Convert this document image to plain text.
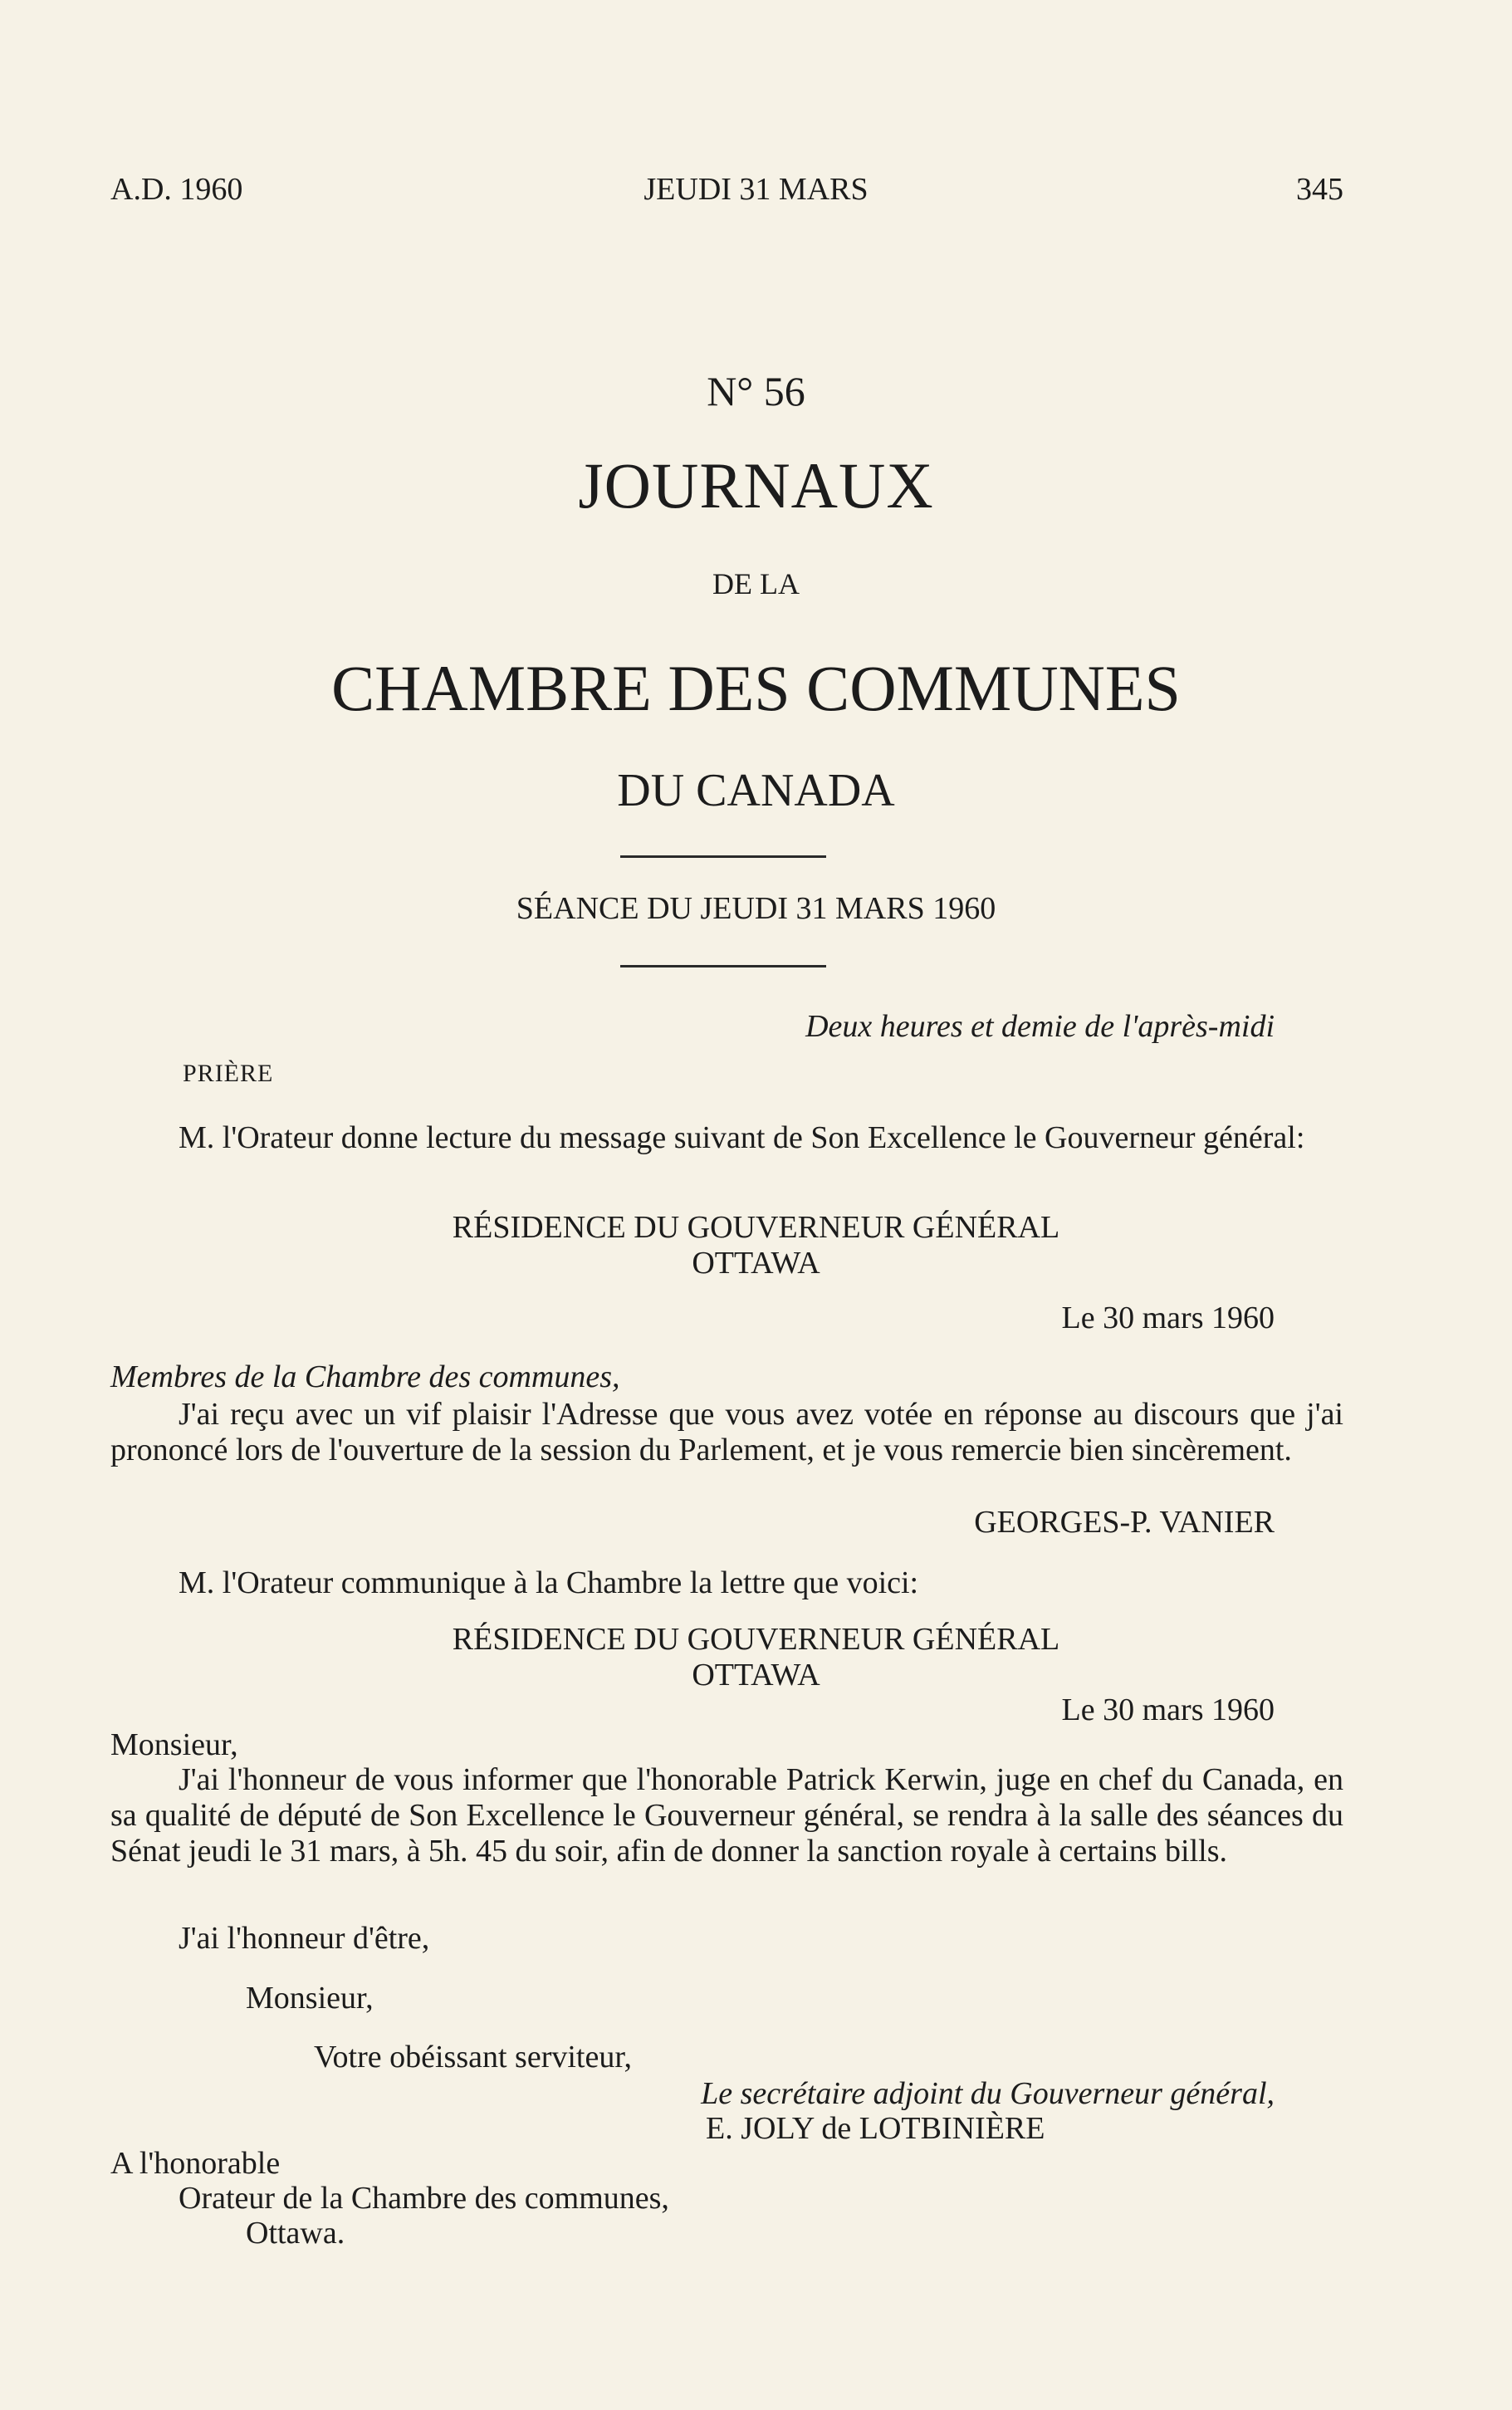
A.D. 1960	JEUDI 31 MARS	345
N° 56
JOURNAUX
DE LA
CHAMBRE DES COMMUNES
DU CANADA
SÉANCE DU JEUDI 31 MARS 1960
Deux heures et demie de l'après-midi
PRIÈRE
M. l'Orateur donne lecture du message suivant de Son Excellence le Gouverneur général:
RÉSIDENCE DU GOUVERNEUR GÉNÉRAL
OTTAWA
Le 30 mars 1960
Membres de la Chambre des communes,
J'ai reçu avec un vif plaisir l'Adresse que vous avez votée en réponse au discours que j'ai prononcé lors de l'ouverture de la session du Parlement, et je vous remercie bien sincèrement.
GEORGES-P. VANIER
M. l'Orateur communique à la Chambre la lettre que voici:
RÉSIDENCE DU GOUVERNEUR GÉNÉRAL
OTTAWA
Le 30 mars 1960
Monsieur,
J'ai l'honneur de vous informer que l'honorable Patrick Kerwin, juge en chef du Canada, en sa qualité de député de Son Excellence le Gouverneur général, se rendra à la salle des séances du Sénat jeudi le 31 mars, à 5h. 45 du soir, afin de donner la sanction royale à certains bills.
J'ai l'honneur d'être,
Monsieur,
Votre obéissant serviteur,
Le secrétaire adjoint du Gouverneur général,
E. JOLY de LOTBINIÈRE
A l'honorable
Orateur de la Chambre des communes,
Ottawa.
